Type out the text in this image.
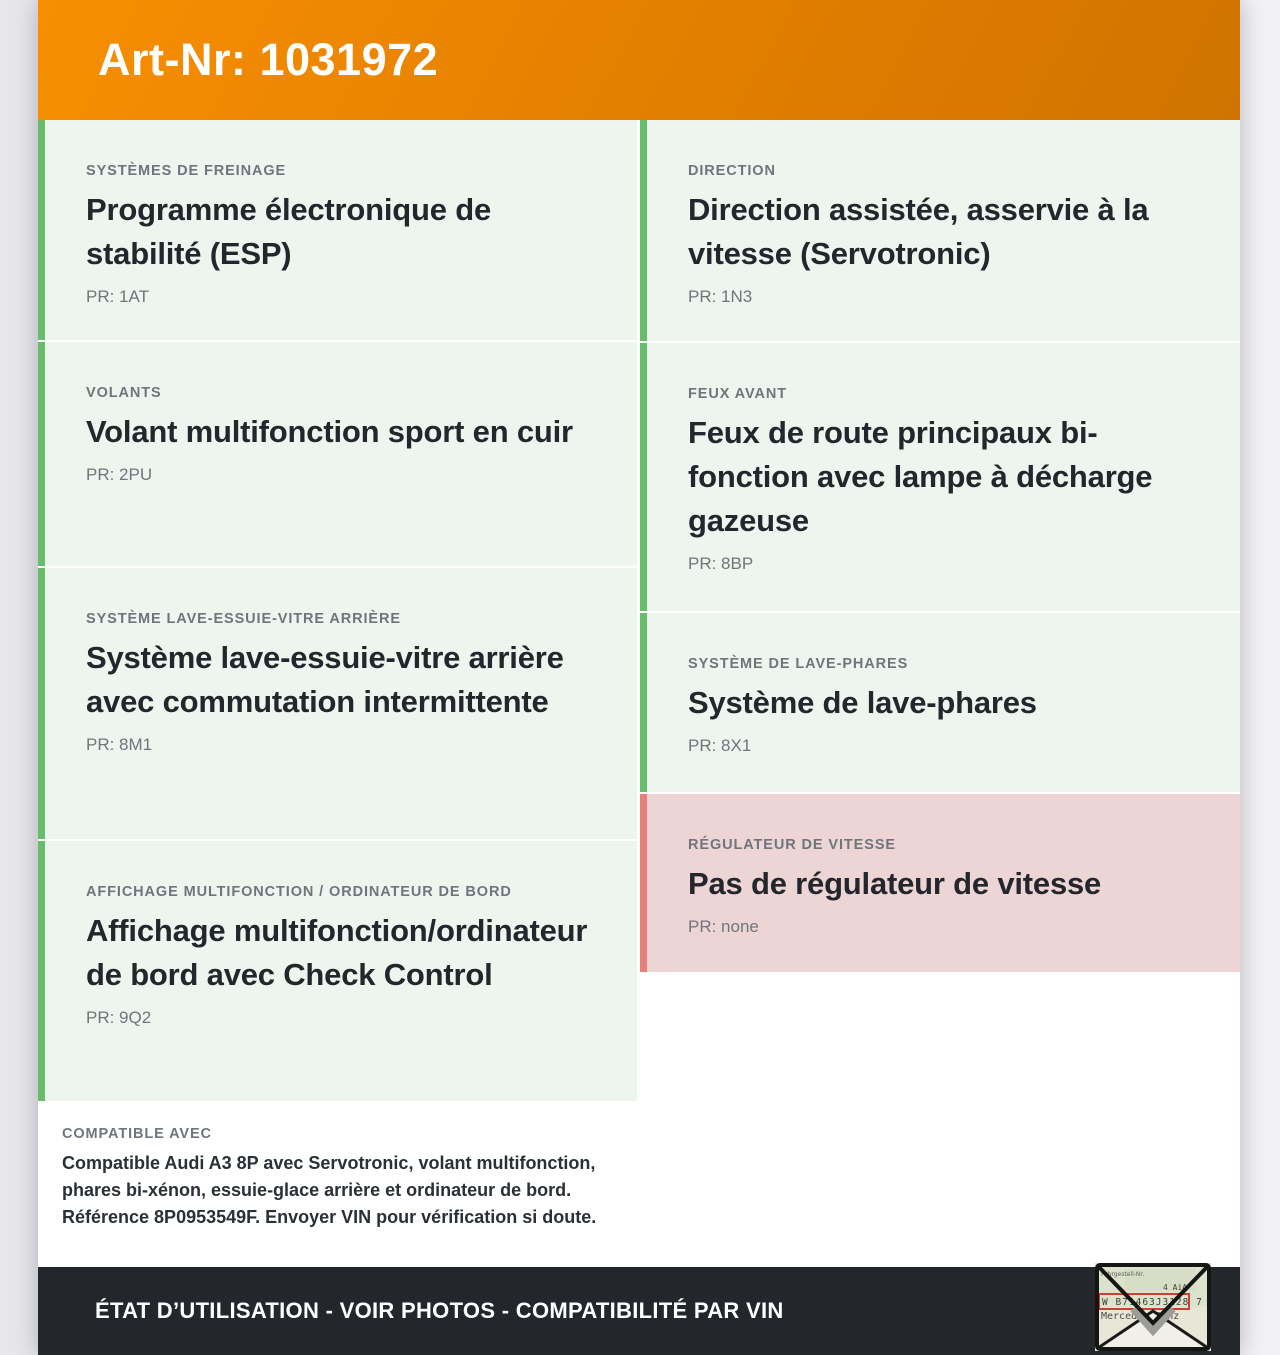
Art-Nr: 1031972
SYSTÈMES DE FREINAGE
Programme électronique de stabilité (ESP)
PR: 1AT
VOLANTS
Volant multifonction sport en cuir
PR: 2PU
SYSTÈME LAVE-ESSUIE-VITRE ARRIÈRE
Système lave-essuie-vitre arrière avec commutation intermittente
PR: 8M1
AFFICHAGE MULTIFONCTION / ORDINATEUR DE BORD
Affichage multifonction/ordinateur de bord avec Check Control
PR: 9Q2
COMPATIBLE AVEC

Compatible Audi A3 8P avec Servotronic, volant multifonction, phares bi-xénon, essuie-glace arrière et ordinateur de bord. Référence 8P0953549F. Envoyer VIN pour vérification si doute.

DIRECTION
Direction assistée, asservie à la vitesse (Servotronic)
PR: 1N3
FEUX AVANT
Feux de route principaux bi-fonction avec lampe à décharge gazeuse
PR: 8BP
SYSTÈME DE LAVE-PHARES
Système de lave-phares
PR: 8X1
RÉGULATEUR DE VITESSE
Pas de régulateur de vitesse
PR: none
ÉTAT D’UTILISATION - VOIR PHOTOS - COMPATIBILITÉ PAR VIN
Fahrgestell-Nr.
4 AiA
W B71463J3128 7
Mercedes-Benz
